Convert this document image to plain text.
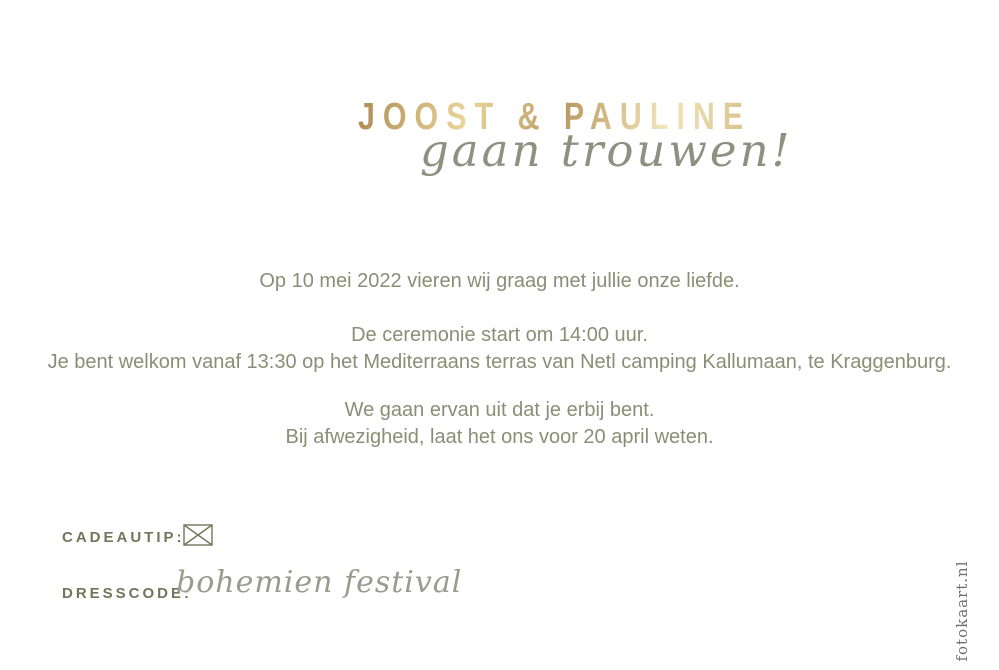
JOOST & PAULINE
gaan trouwen!
Op 10 mei 2022 vieren wij graag met jullie onze liefde.
De ceremonie start om 14:00 uur.
Je bent welkom vanaf 13:30 op het Mediterraans terras van Netl camping Kallumaan, te Kraggenburg.
We gaan ervan uit dat je erbij bent.
Bij afwezigheid, laat het ons voor 20 april weten.
CADEAUTIP:
DRESSCODE:
bohemien festival	fotokaart.nl
